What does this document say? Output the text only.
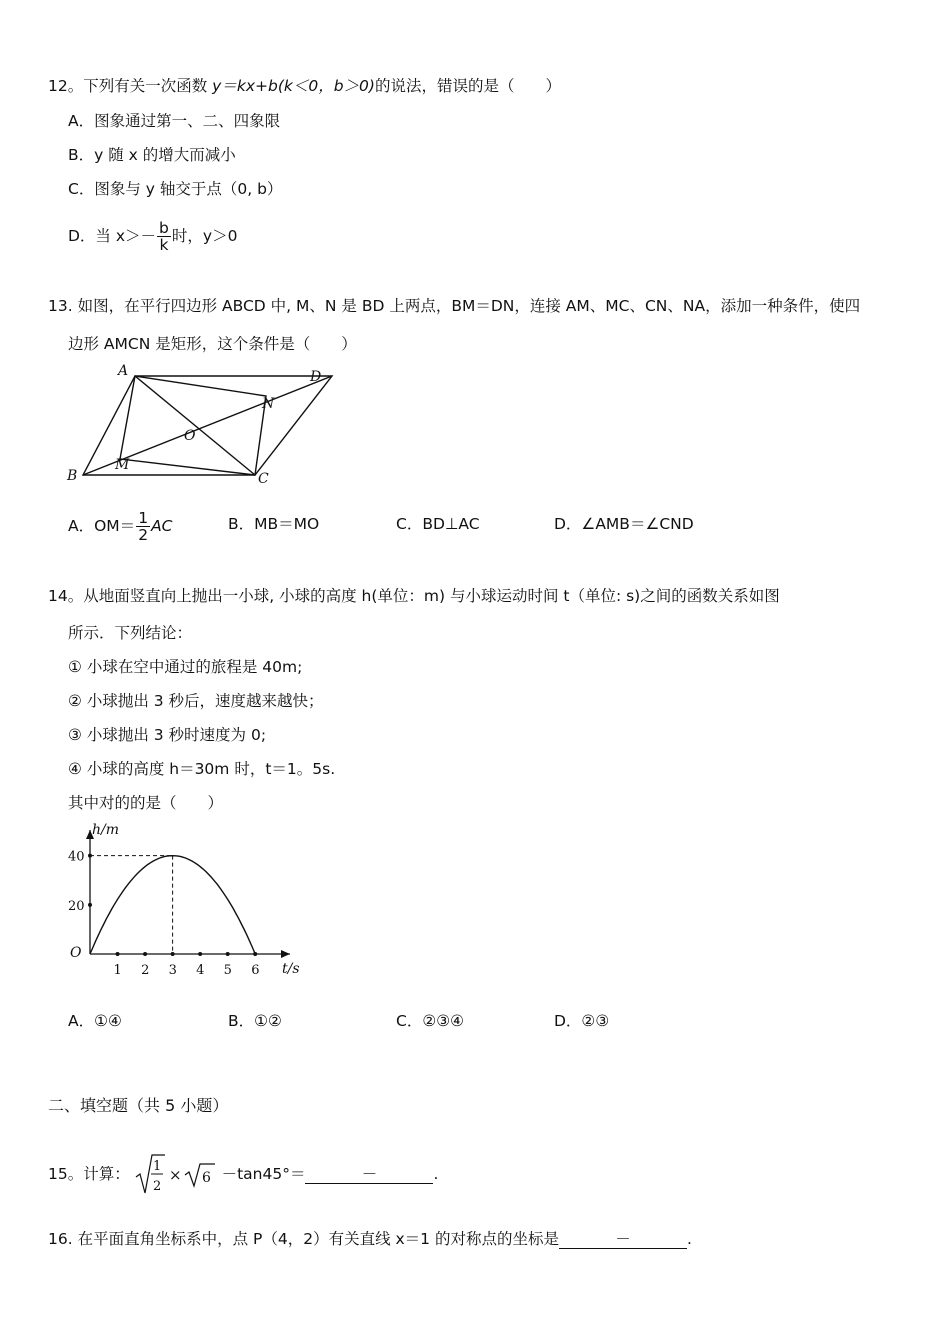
12。下列有关一次函数 y＝kx+b(k＜0，b＞0)的说法，错误的是（　　）
A．图象通过第一、二、四象限
B．y 随 x 的增大而减小
C．图象与 y 轴交于点（0, b）
D．当 $x>- \frac{b}{k}$ 时，y＞0
13. 如图，在平行四边形 ABCD 中, M、N 是 BD 上两点，BM＝DN，连接 AM、MC、CN、NA，添加一种条件，使四
边形 AMCN 是矩形，这个条件是（　　）
A
B	C
D
M
N
O
A．$OM= \frac{1}{2}$ AC	B．MB＝MO	C．BD⊥AC	D．∠AMB＝∠CND
14。从地面竖直向上抛出一小球, 小球的高度 h(单位：m) 与小球运动时间 t（单位: s)之间的函数关系如图
所示．下列结论：
① 小球在空中通过的旅程是 40m;
② 小球抛出 3 秒后，速度越来越快；
③ 小球抛出 3 秒时速度为 0;
④ 小球的高度 h＝30m 时，t＝1。5s.
其中对的的是（　　）
t/s
h/m
O
1 2 3 4 5 6
20
40
A．①④	B．①②	C．②③④	D．②③
二、填空题（共 5 小题）
15。计算： 1
2
× 6 －tan45°＝	－	.
16. 在平面直角坐标系中，点 P（4，2）有关直线 x＝1 的对称点的坐标是	－	.
